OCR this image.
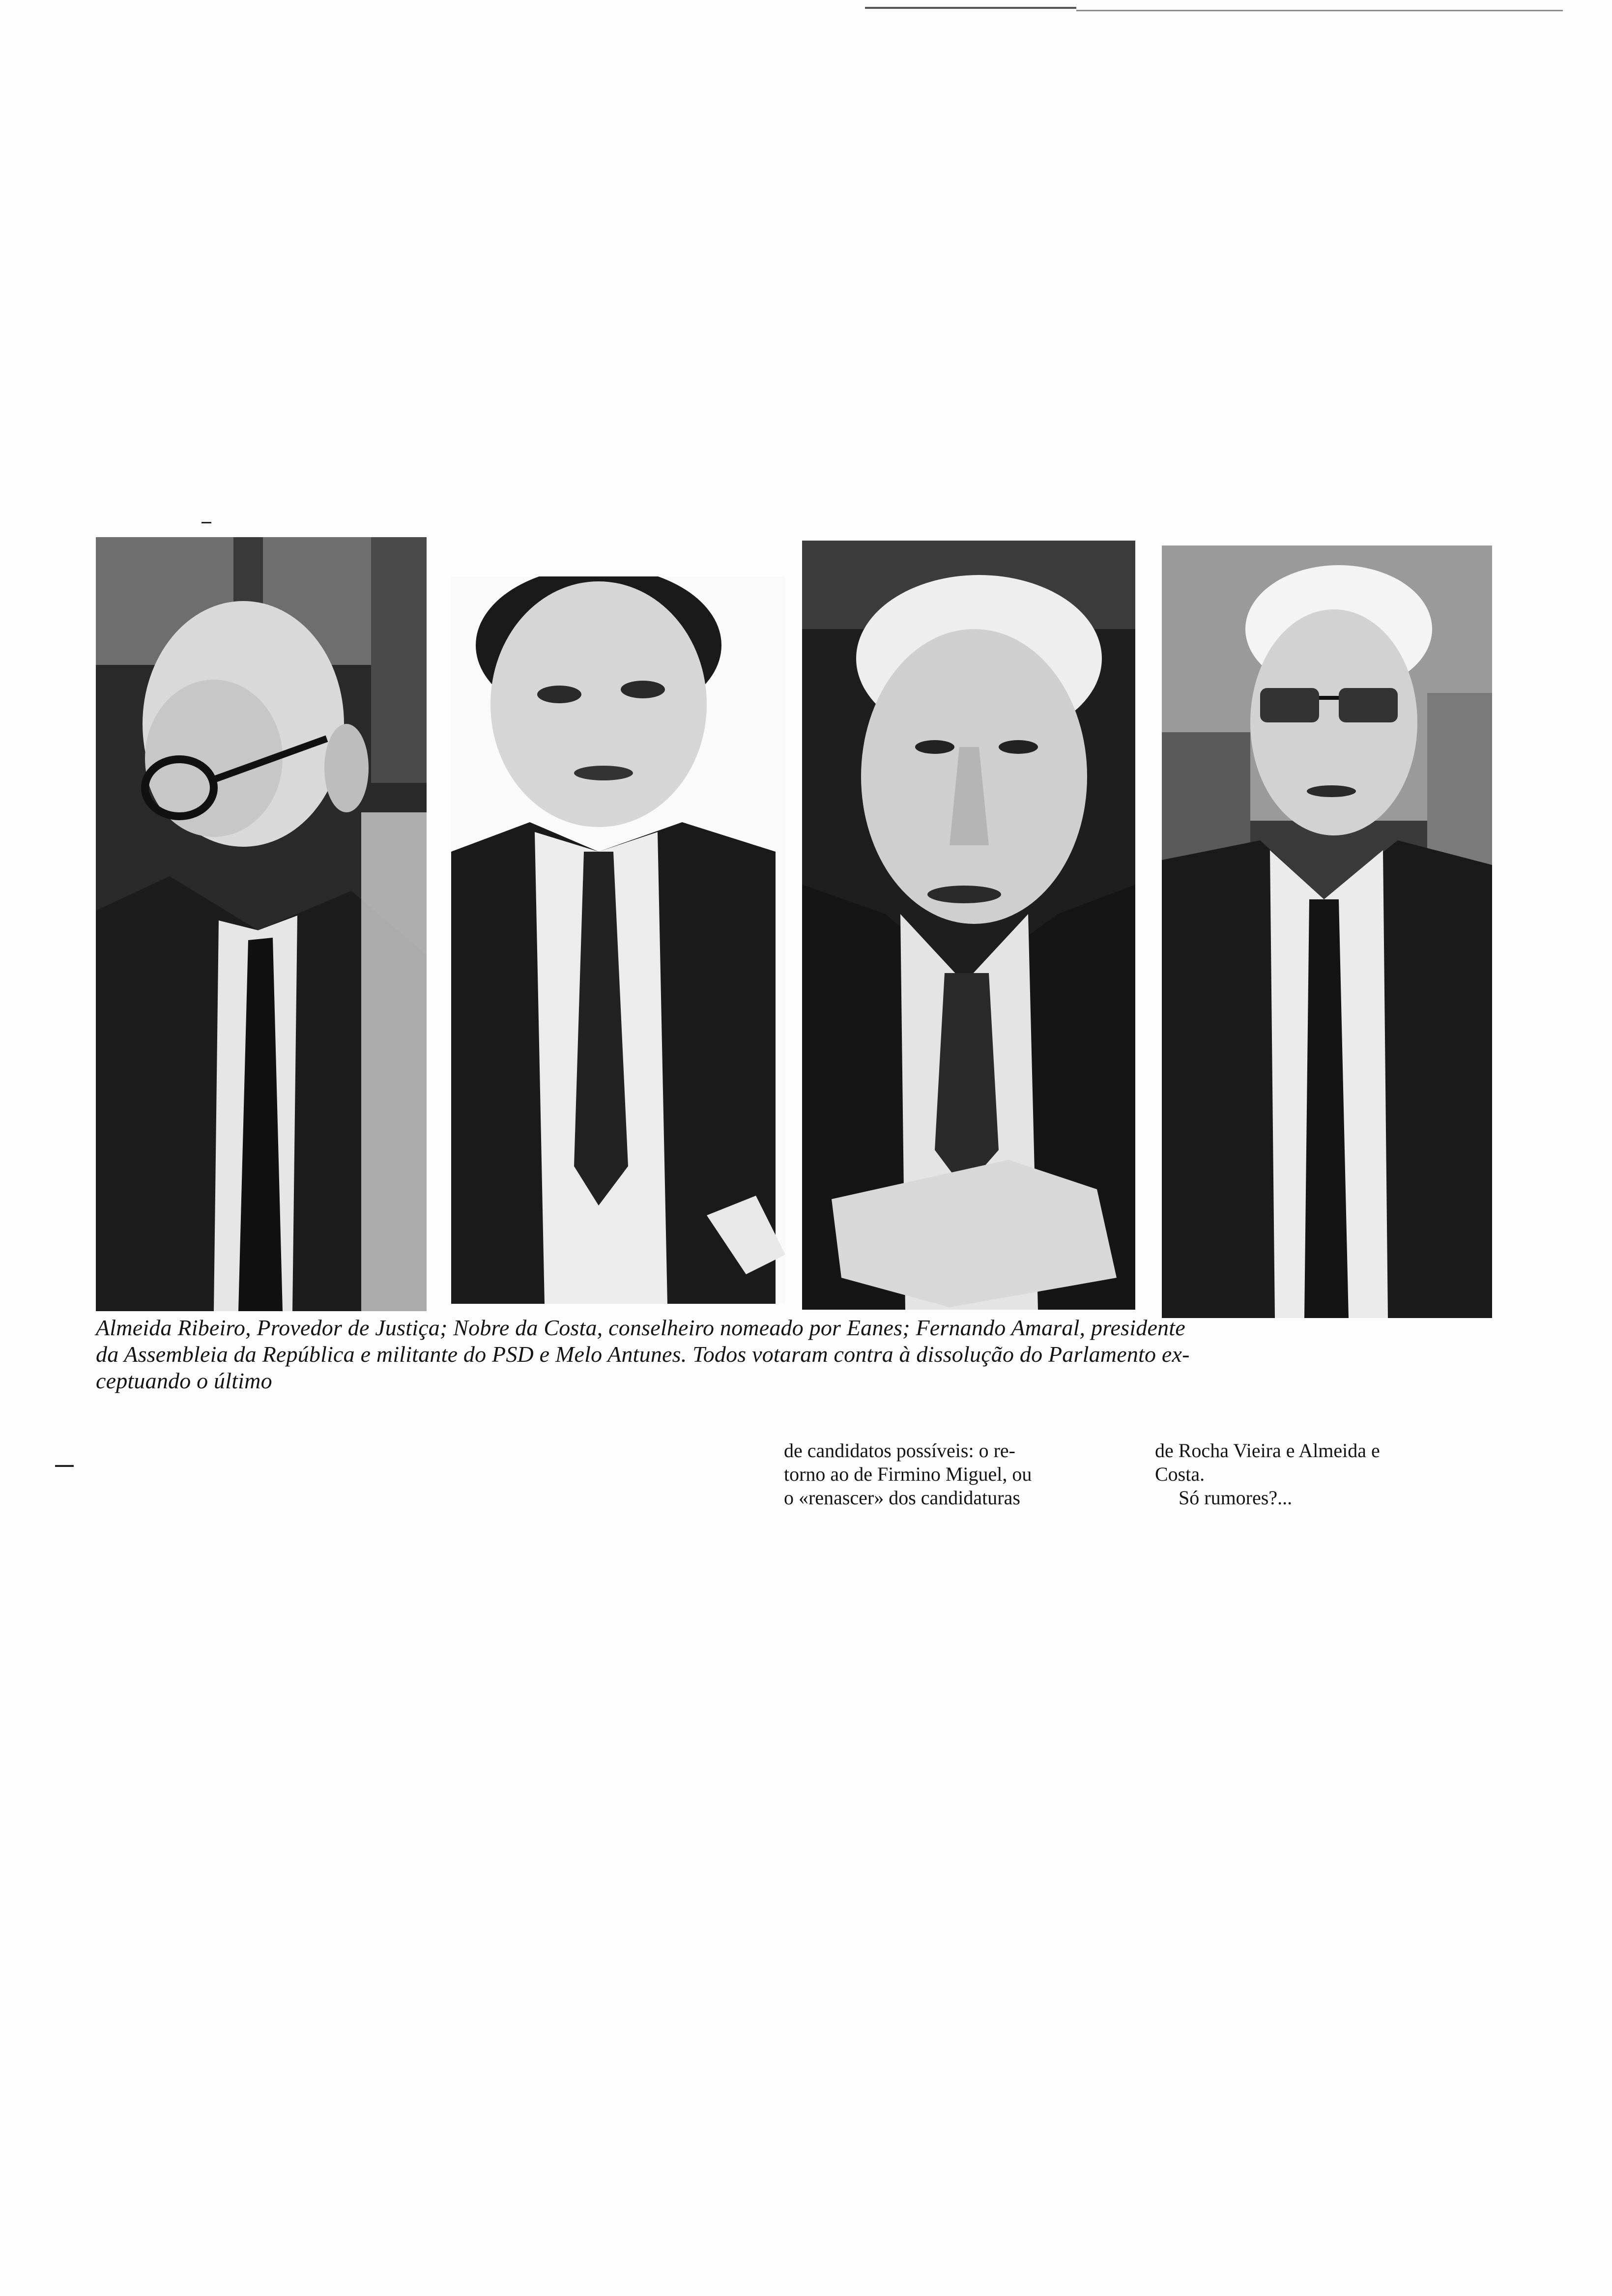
Almeida Ribeiro, Provedor de Justiça; Nobre da Costa, conselheiro nomeado por Eanes; Fernando Amaral, presidente
da Assembleia da República e militante do PSD e Melo Antunes. Todos votaram contra à dissolução do Parlamento ex-
ceptuando o último
de candidatos possíveis: o re-
torno ao de Firmino Miguel, ou
o «renascer» dos candidaturas
de Rocha Vieira e Almeida e
Costa.
Só rumores?...
